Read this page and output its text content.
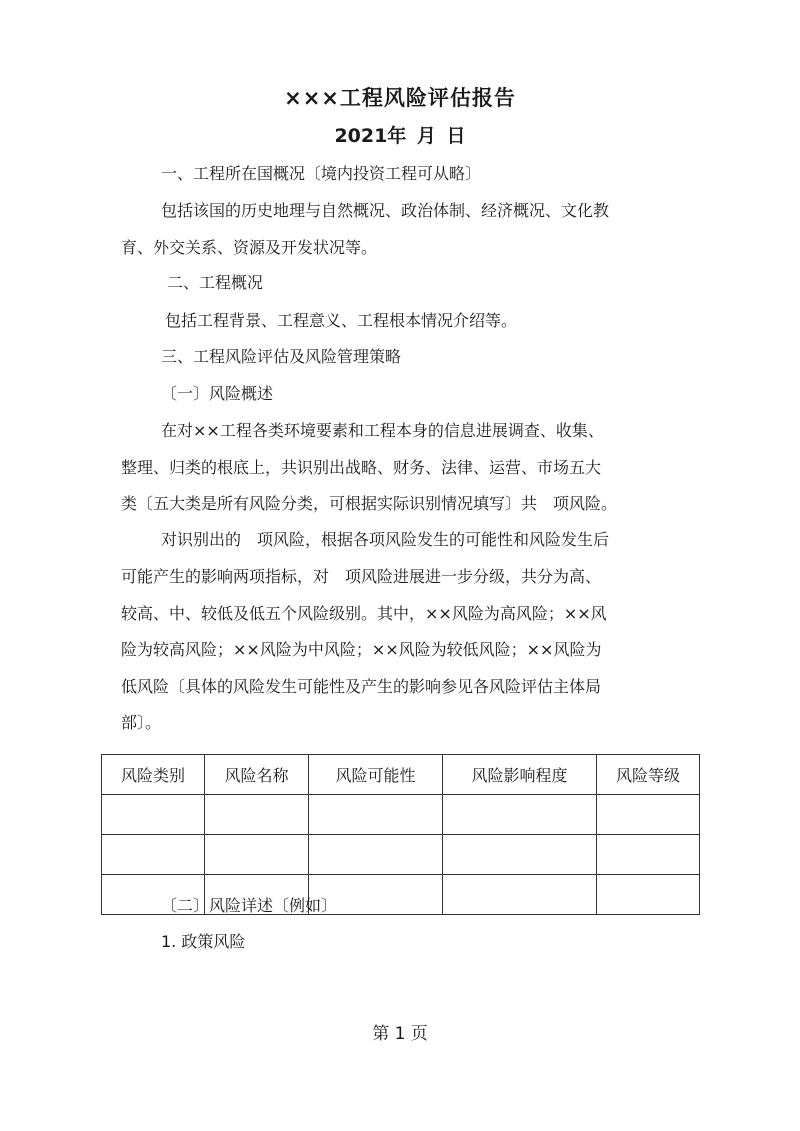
×××工程风险评估报告
2021年 月 日
一、工程所在国概况〔境内投资工程可从略〕
包括该国的历史地理与自然概况、政治体制、经济概况、文化教
育、外交关系、资源及开发状况等。
二、工程概况
包括工程背景、工程意义、工程根本情况介绍等。
三、工程风险评估及风险管理策略
〔一〕风险概述
在对××工程各类环境要素和工程本身的信息进展调查、收集、
整理、归类的根底上，共识别出战略、财务、法律、运营、市场五大
类〔五大类是所有风险分类，可根据实际识别情况填写〕共　项风险。
对识别出的　项风险，根据各项风险发生的可能性和风险发生后
可能产生的影响两项指标，对　项风险进展进一步分级，共分为高、
较高、中、较低及低五个风险级别。其中，××风险为高风险；××风
险为较高风险；××风险为中风险；××风险为较低风险；××风险为
低风险〔具体的风险发生可能性及产生的影响参见各风险评估主体局
部〕。
风险类别	风险名称	风险可能性	风险影响程度	风险等级

〔二〕风险详述〔例如〕
1. 政策风险
第 1 页
